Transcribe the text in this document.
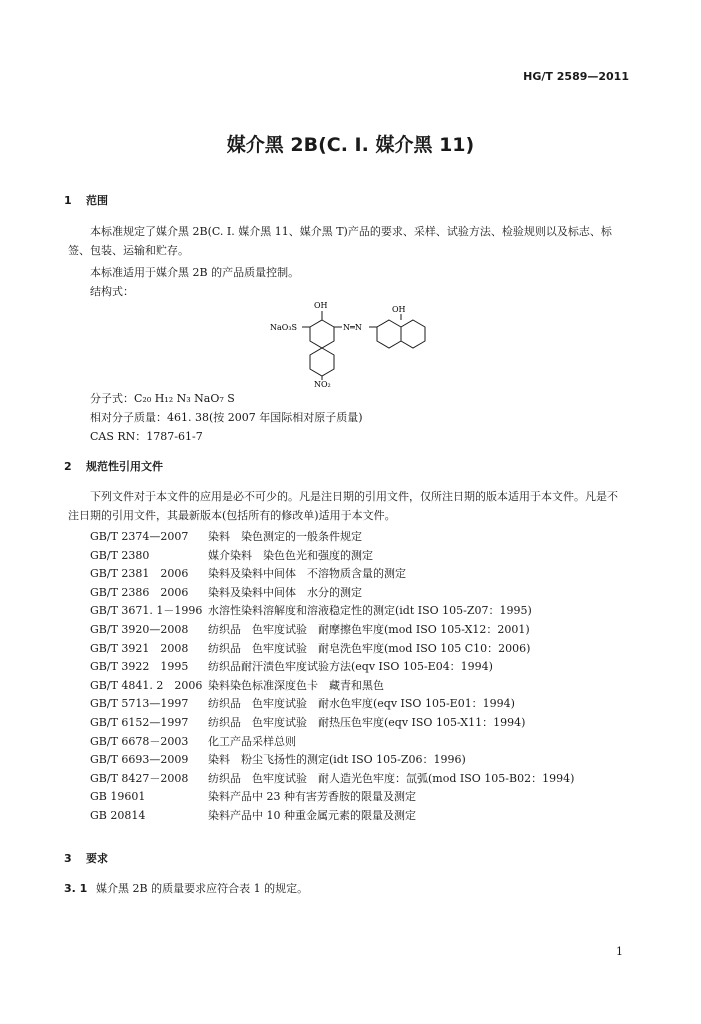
HG/T 2589—2011
媒介黑 2B(C. I. 媒介黑 11)
1 范围
本标准规定了媒介黑 2B(C. I. 媒介黑 11、媒介黑 T)产品的要求、采样、试验方法、检验规则以及标志、标签、包装、运输和贮存。
本标准适用于媒介黑 2B 的产品质量控制。
结构式：
OH	OH
NaO₃S	N═N
NO₂
分子式：C₂₀ H₁₂ N₃ NaO₇ S
相对分子质量：461. 38(按 2007 年国际相对原子质量)
CAS RN：1787-61-7
2 规范性引用文件
下列文件对于本文件的应用是必不可少的。凡是注日期的引用文件，仅所注日期的版本适用于本文件。凡是不注日期的引用文件，其最新版本(包括所有的修改单)适用于本文件。
GB/T 2374—2007 染料　染色测定的一般条件规定
GB/T 2380	媒介染料　染色色光和强度的测定
GB/T 2381　2006 染料及染料中间体　不溶物质含量的测定
GB/T 2386　2006 染料及染料中间体　水分的测定
GB/T 3671. 1－1996 水溶性染料溶解度和溶液稳定性的测定(idt ISO 105-Z07：1995)
GB/T 3920—2008 纺织品　色牢度试验　耐摩擦色牢度(mod ISO 105-X12：2001)
GB/T 3921　2008 纺织品　色牢度试验　耐皂洗色牢度(mod ISO 105 C10：2006)
GB/T 3922　1995 纺织品耐汗渍色牢度试验方法(eqv ISO 105-E04：1994)
GB/T 4841. 2　2006 染料染色标准深度色卡　藏青和黑色
GB/T 5713—1997 纺织品　色牢度试验　耐水色牢度(eqv ISO 105-E01：1994)
GB/T 6152—1997 纺织品　色牢度试验　耐热压色牢度(eqv ISO 105-X11：1994)
GB/T 6678－2003 化工产品采样总则
GB/T 6693—2009 染料　粉尘飞扬性的测定(idt ISO 105-Z06：1996)
GB/T 8427－2008 纺织品　色牢度试验　耐人造光色牢度：氙弧(mod ISO 105-B02：1994)
GB 19601	染料产品中 23 种有害芳香胺的限量及测定
GB 20814	染料产品中 10 种重金属元素的限量及测定
3 要求
3. 1 媒介黑 2B 的质量要求应符合表 1 的规定。
1
